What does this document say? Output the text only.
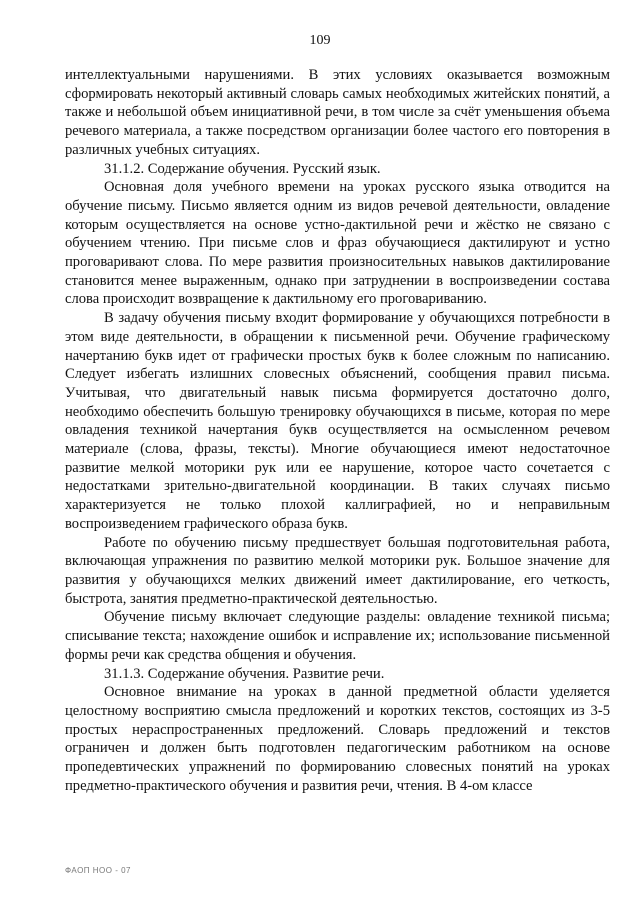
109

интеллектуальными нарушениями. В этих условиях оказывается возможным сформировать некоторый активный словарь самых необходимых житейских понятий, а также и небольшой объем инициативной речи, в том числе за счёт уменьшения объема речевого материала, а также посредством организации более частого его повторения в различных учебных ситуациях.

31.1.2. Содержание обучения. Русский язык.

Основная доля учебного времени на уроках русского языка отводится на обучение письму. Письмо является одним из видов речевой деятельности, овладение которым осуществляется на основе устно-дактильной речи и жёстко не связано с обучением чтению. При письме слов и фраз обучающиеся дактилируют и устно проговаривают слова. По мере развития произносительных навыков дактилирование становится менее выраженным, однако при затруднении в воспроизведении состава слова происходит возвращение к дактильному его проговариванию.

В задачу обучения письму входит формирование у обучающихся потребности в этом виде деятельности, в обращении к письменной речи. Обучение графическому начертанию букв идет от графически простых букв к более сложным по написанию. Следует избегать излишних словесных объяснений, сообщения правил письма. Учитывая, что двигательный навык письма формируется достаточно долго, необходимо обеспечить большую тренировку обучающихся в письме, которая по мере овладения техникой начертания букв осуществляется на осмысленном речевом материале (слова, фразы, тексты). Многие обучающиеся имеют недостаточное развитие мелкой моторики рук или ее нарушение, которое часто сочетается с недостатками зрительно-двигательной координации. В таких случаях письмо характеризуется не только плохой каллиграфией, но и неправильным воспроизведением графического образа букв.

Работе по обучению письму предшествует большая подготовительная работа, включающая упражнения по развитию мелкой моторики рук. Большое значение для развития у обучающихся мелких движений имеет дактилирование, его четкость, быстрота, занятия предметно-практической деятельностью.

Обучение письму включает следующие разделы: овладение техникой письма; списывание текста; нахождение ошибок и исправление их; использование письменной формы речи как средства общения и обучения.

31.1.3. Содержание обучения. Развитие речи.

Основное внимание на уроках в данной предметной области уделяется целостному восприятию смысла предложений и коротких текстов, состоящих из 3-5 простых нераспространенных предложений. Словарь предложений и текстов ограничен и должен быть подготовлен педагогическим работником на основе пропедевтических упражнений по формированию словесных понятий на уроках предметно-практического обучения и развития речи, чтения. В 4-ом классе

ФАОП НОО - 07
